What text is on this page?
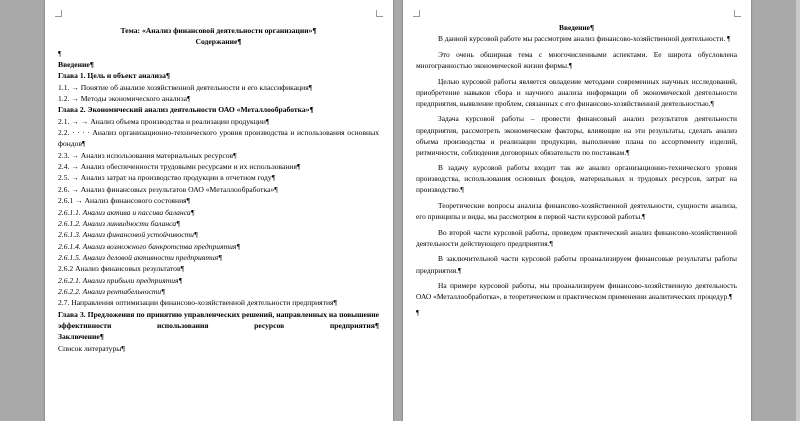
Тема: «Анализ финансовой деятельности организации»¶
Содержание¶
¶
Введение¶
Глава 1. Цель и объект анализа¶
1.1. → Понятие об анализе хозяйственной деятельности и его классификация¶
1.2. → Методы экономического анализа¶
Глава 2. Экономический анализ деятельности ОАО «Металлообработка»¶
2.1. → → Анализ объема производства и реализации продукции¶
2.2. · · · · Анализ организационно-технического уровня производства и использования основных фондов¶
2.3. → Анализ использования материальных ресурсов¶
2.4. → Анализ обеспеченности трудовыми ресурсами и их использования¶
2.5. → Анализ затрат на производство продукции в отчетном году¶
2.6. → Анализ финансовых результатов ОАО «Металлообработка»¶
2.6.1 → Анализ финансового состояния¶
2.6.1.1. Анализ актива и пассива баланса¶
2.6.1.2. Анализ ликвидности баланса¶
2.6.1.3. Анализ финансовой устойчивости¶
2.6.1.4. Анализ возможного банкротства предприятия¶
2.6.1.5. Анализ деловой активности предприятия¶
2.6.2 Анализ финансовых результатов¶
2.6.2.1. Анализ прибыли предприятия¶
2.6.2.2. Анализ рентабельности¶
2.7. Направления оптимизации финансово-хозяйственной деятельности предприятия¶
Глава 3. Предложения по принятию управленческих решений, направленных на повышение эффективности использования ресурсов предприятия¶
Заключение¶
Список литературы¶
Введение¶
В данной курсовой работе мы рассмотрим анализ финансово-хозяйственной деятельности. ¶
Это очень обширная тема с многочисленными аспектами. Ее широта обусловлена многогранностью экономической жизни фирмы.¶
Целью курсовой работы является овладение методами современных научных исследований, приобретение навыков сбора и научного анализа информации об экономической деятельности предприятия, выявление проблем, связанных с его финансово-хозяйственной деятельностью.¶
Задача курсовой работы – провести финансовый анализ результатов деятельности предприятия, рассмотреть экономические факторы, влияющие на эти результаты, сделать анализ объема производства и реализации продукции, выполнение плана по ассортименту изделий, ритмичности, соблюдения договорных обязательств по поставкам.¶
В задачу курсовой работы входит так же анализ организационно-технического уровня производства, использования основных фондов, материальных и трудовых ресурсов, затрат на производство.¶
Теоретические вопросы анализа финансово-хозяйственной деятельности, сущности анализа, его принципы и виды, мы рассмотрим в первой части курсовой работы.¶
Во второй части курсовой работы, проведем практический анализ финансово-хозяйственной деятельности действующего предприятия.¶
В заключительной части курсовой работы проанализируем финансовые результаты работы предприятия.¶
На примере курсовой работы, мы проанализируем финансово-хозяйственную деятельность ОАО «Металлообработка», в теоретическом и практическом применении аналитических процедур.¶
¶
